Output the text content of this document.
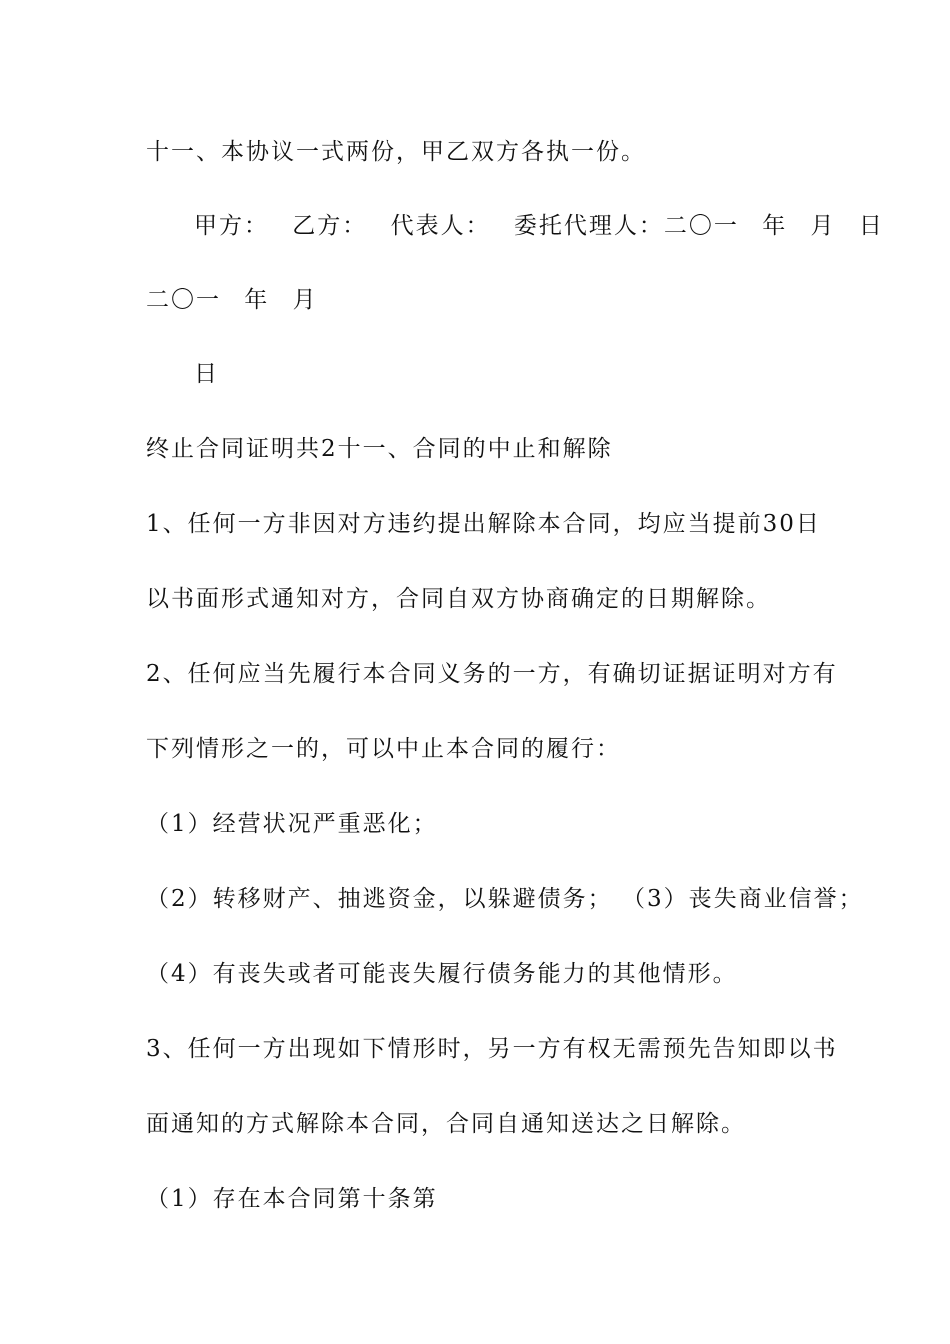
十一、本协议一式两份，甲乙双方各执一份。
甲方： 乙方： 代表人： 委托代理人：二〇一 年 月 日
二〇一 年 月
日
终止合同证明共2十一、合同的中止和解除
1、任何一方非因对方违约提出解除本合同，均应当提前30日
以书面形式通知对方，合同自双方协商确定的日期解除。
2、任何应当先履行本合同义务的一方，有确切证据证明对方有
下列情形之一的，可以中止本合同的履行：
（1）经营状况严重恶化；
（2）转移财产、抽逃资金，以躲避债务； （3）丧失商业信誉；
（4）有丧失或者可能丧失履行债务能力的其他情形。
3、任何一方出现如下情形时，另一方有权无需预先告知即以书
面通知的方式解除本合同，合同自通知送达之日解除。
（1）存在本合同第十条第
